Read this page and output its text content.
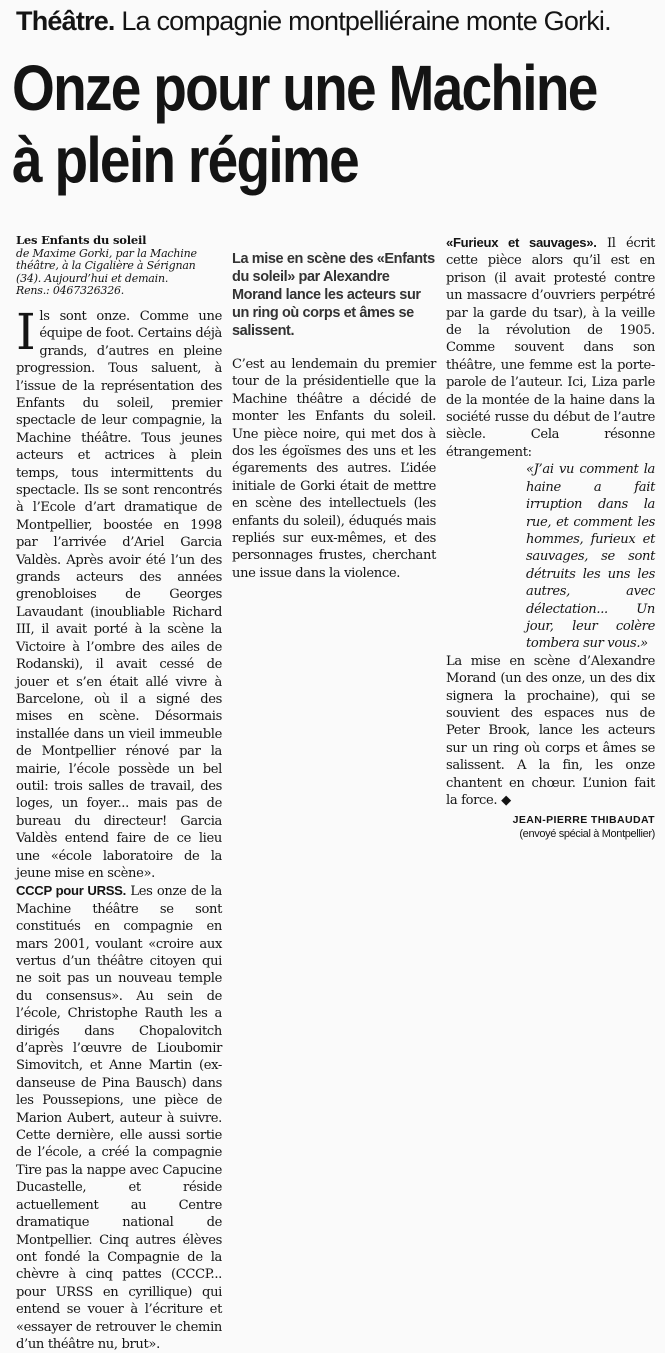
Théâtre. La compagnie montpelliéraine monte Gorki.
Onze pour une Machine
à plein régime
Les Enfants du soleil
de Maxime Gorki, par la Machine théâtre, à la Cigalière à Sérignan (34). Aujourd’hui et demain.
Rens.: 0467326326.

Ils sont onze. Comme une équipe de foot. Certains déjà grands, d’autres en pleine progression. Tous saluent, à l’issue de la représentation des Enfants du soleil, premier spectacle de leur compagnie, la Machine théâtre. Tous jeunes acteurs et actrices à plein temps, tous intermittents du spectacle. Ils se sont rencontrés à l’Ecole d’art dramatique de Montpellier, boostée en 1998 par l’arrivée d’Ariel Garcia Valdès. Après avoir été l’un des grands acteurs des années grenobloises de Georges Lavaudant (inoubliable Richard III, il avait porté à la scène la Victoire à l’ombre des ailes de Rodanski), il avait cessé de jouer et s’en était allé vivre à Barcelone, où il a signé des mises en scène. Désormais installée dans un vieil immeuble de Montpellier rénové par la mairie, l’école possède un bel outil: trois salles de travail, des loges, un foyer... mais pas de bureau du directeur! Garcia Valdès entend faire de ce lieu une «école laboratoire de la jeune mise en scène».

CCCP pour URSS. Les onze de la Machine théâtre se sont constitués en compagnie en mars 2001, voulant «croire aux vertus d’un théâtre citoyen qui ne soit pas un nouveau temple du consensus». Au sein de l’école, Christophe Rauth les a dirigés dans Chopalovitch d’après l’œuvre de Lioubomir Simovitch, et Anne Martin (ex-danseuse de Pina Bausch) dans les Poussepions, une pièce de Marion Aubert, auteur à suivre. Cette dernière, elle aussi sortie de l’école, a créé la compagnie Tire pas la nappe avec Capucine Ducastelle, et réside actuellement au Centre dramatique national de Montpellier. Cinq autres élèves ont fondé la Compagnie de la chèvre à cinq pattes (CCCP... pour URSS en cyrillique) qui entend se vouer à l’écriture et «essayer de retrouver le chemin d’un théâtre nu, brut».

La mise en scène des «Enfants du soleil» par Alexandre Morand lance les acteurs sur un ring où corps et âmes se salissent.

C’est au lendemain du premier tour de la présidentielle que la Machine théâtre a décidé de monter les Enfants du soleil. Une pièce noire, qui met dos à dos les égoïsmes des uns et les égarements des autres. L’idée initiale de Gorki était de mettre en scène des intellectuels (les enfants du soleil), éduqués mais repliés sur eux-mêmes, et des personnages frustes, cherchant une issue dans la violence.

«Furieux et sauvages». Il écrit cette pièce alors qu’il est en prison (il avait protesté contre un massacre d’ouvriers perpétré par la garde du tsar), à la veille de la révolution de 1905. Comme souvent dans son théâtre, une femme est la porte-parole de l’auteur. Ici, Liza parle de la montée de la haine dans la société russe du début de l’autre siècle. Cela résonne étrangement:

«J’ai vu comment la haine a fait irruption dans la rue, et comment les hommes, furieux et sauvages, se sont détruits les uns les autres, avec délectation... Un jour, leur colère tombera sur vous.»

La mise en scène d’Alexandre Morand (un des onze, un des dix signera la prochaine), qui se souvient des espaces nus de Peter Brook, lance les acteurs sur un ring où corps et âmes se salissent. A la fin, les onze chantent en chœur. L’union fait la force. ◆

JEAN-PIERRE THIBAUDAT
(envoyé spécial à Montpellier)
